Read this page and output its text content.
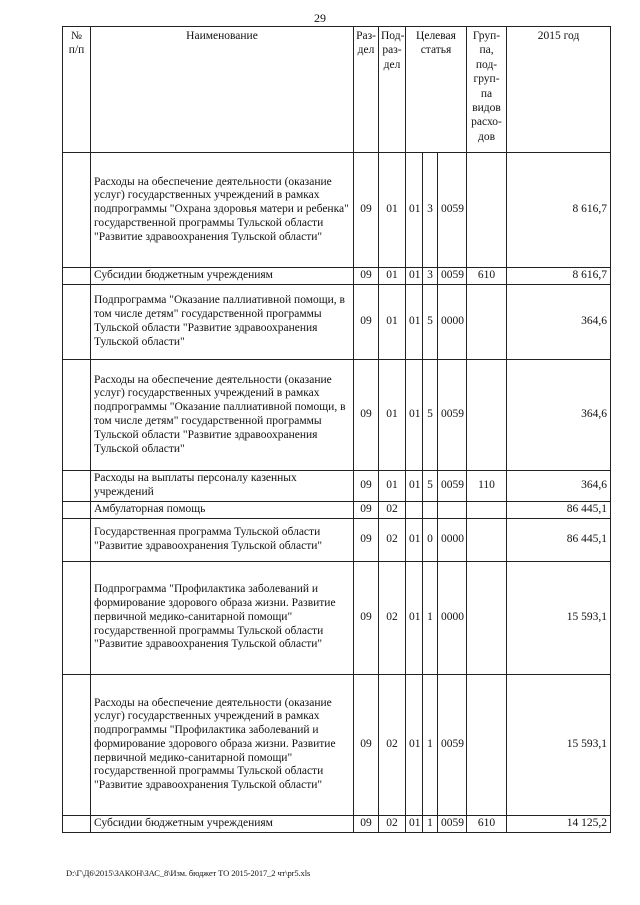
29
№ п/п	Наименование	Раз-дел	Под-раз-дел	Целевая статья			Груп-па, под-груп-па видов расхо-дов	2015 год
	Расходы на обеспечение деятельности (оказание услуг) государственных учреждений в рамках подпрограммы "Охрана здоровья матери и ребенка" государственной программы Тульской области "Развитие здравоохранения Тульской области"	09	01	01	3	0059		8 616,7
	Субсидии бюджетным учреждениям	09	01	01	3	0059	610	8 616,7
	Подпрограмма "Оказание паллиативной помощи, в том числе детям" государственной программы Тульской области "Развитие здравоохранения Тульской области"	09	01	01	5	0000		364,6
	Расходы на обеспечение деятельности (оказание услуг) государственных учреждений в рамках подпрограммы "Оказание паллиативной помощи, в том числе детям" государственной программы Тульской области "Развитие здравоохранения Тульской области"	09	01	01	5	0059		364,6
	Расходы на выплаты персоналу казенных учреждений	09	01	01	5	0059	110	364,6
	Амбулаторная помощь	09	02					86 445,1
	Государственная программа Тульской области "Развитие здравоохранения Тульской области"	09	02	01	0	0000		86 445,1
	Подпрограмма "Профилактика заболеваний и формирование здорового образа жизни. Развитие первичной медико-санитарной помощи" государственной программы Тульской области "Развитие здравоохранения Тульской области"	09	02	01	1	0000		15 593,1
	Расходы на обеспечение деятельности (оказание услуг) государственных учреждений в рамках подпрограммы "Профилактика заболеваний и формирование здорового образа жизни. Развитие первичной медико-санитарной помощи" государственной программы Тульской области "Развитие здравоохранения Тульской области"	09	02	01	1	0059		15 593,1
	Субсидии бюджетным учреждениям	09	02	01	1	0059	610	14 125,2
D:\Г\Д6\2015\ЗАКОН\ЗАС_8\Изм. бюджет ТО 2015-2017_2 чт\pr5.xls
